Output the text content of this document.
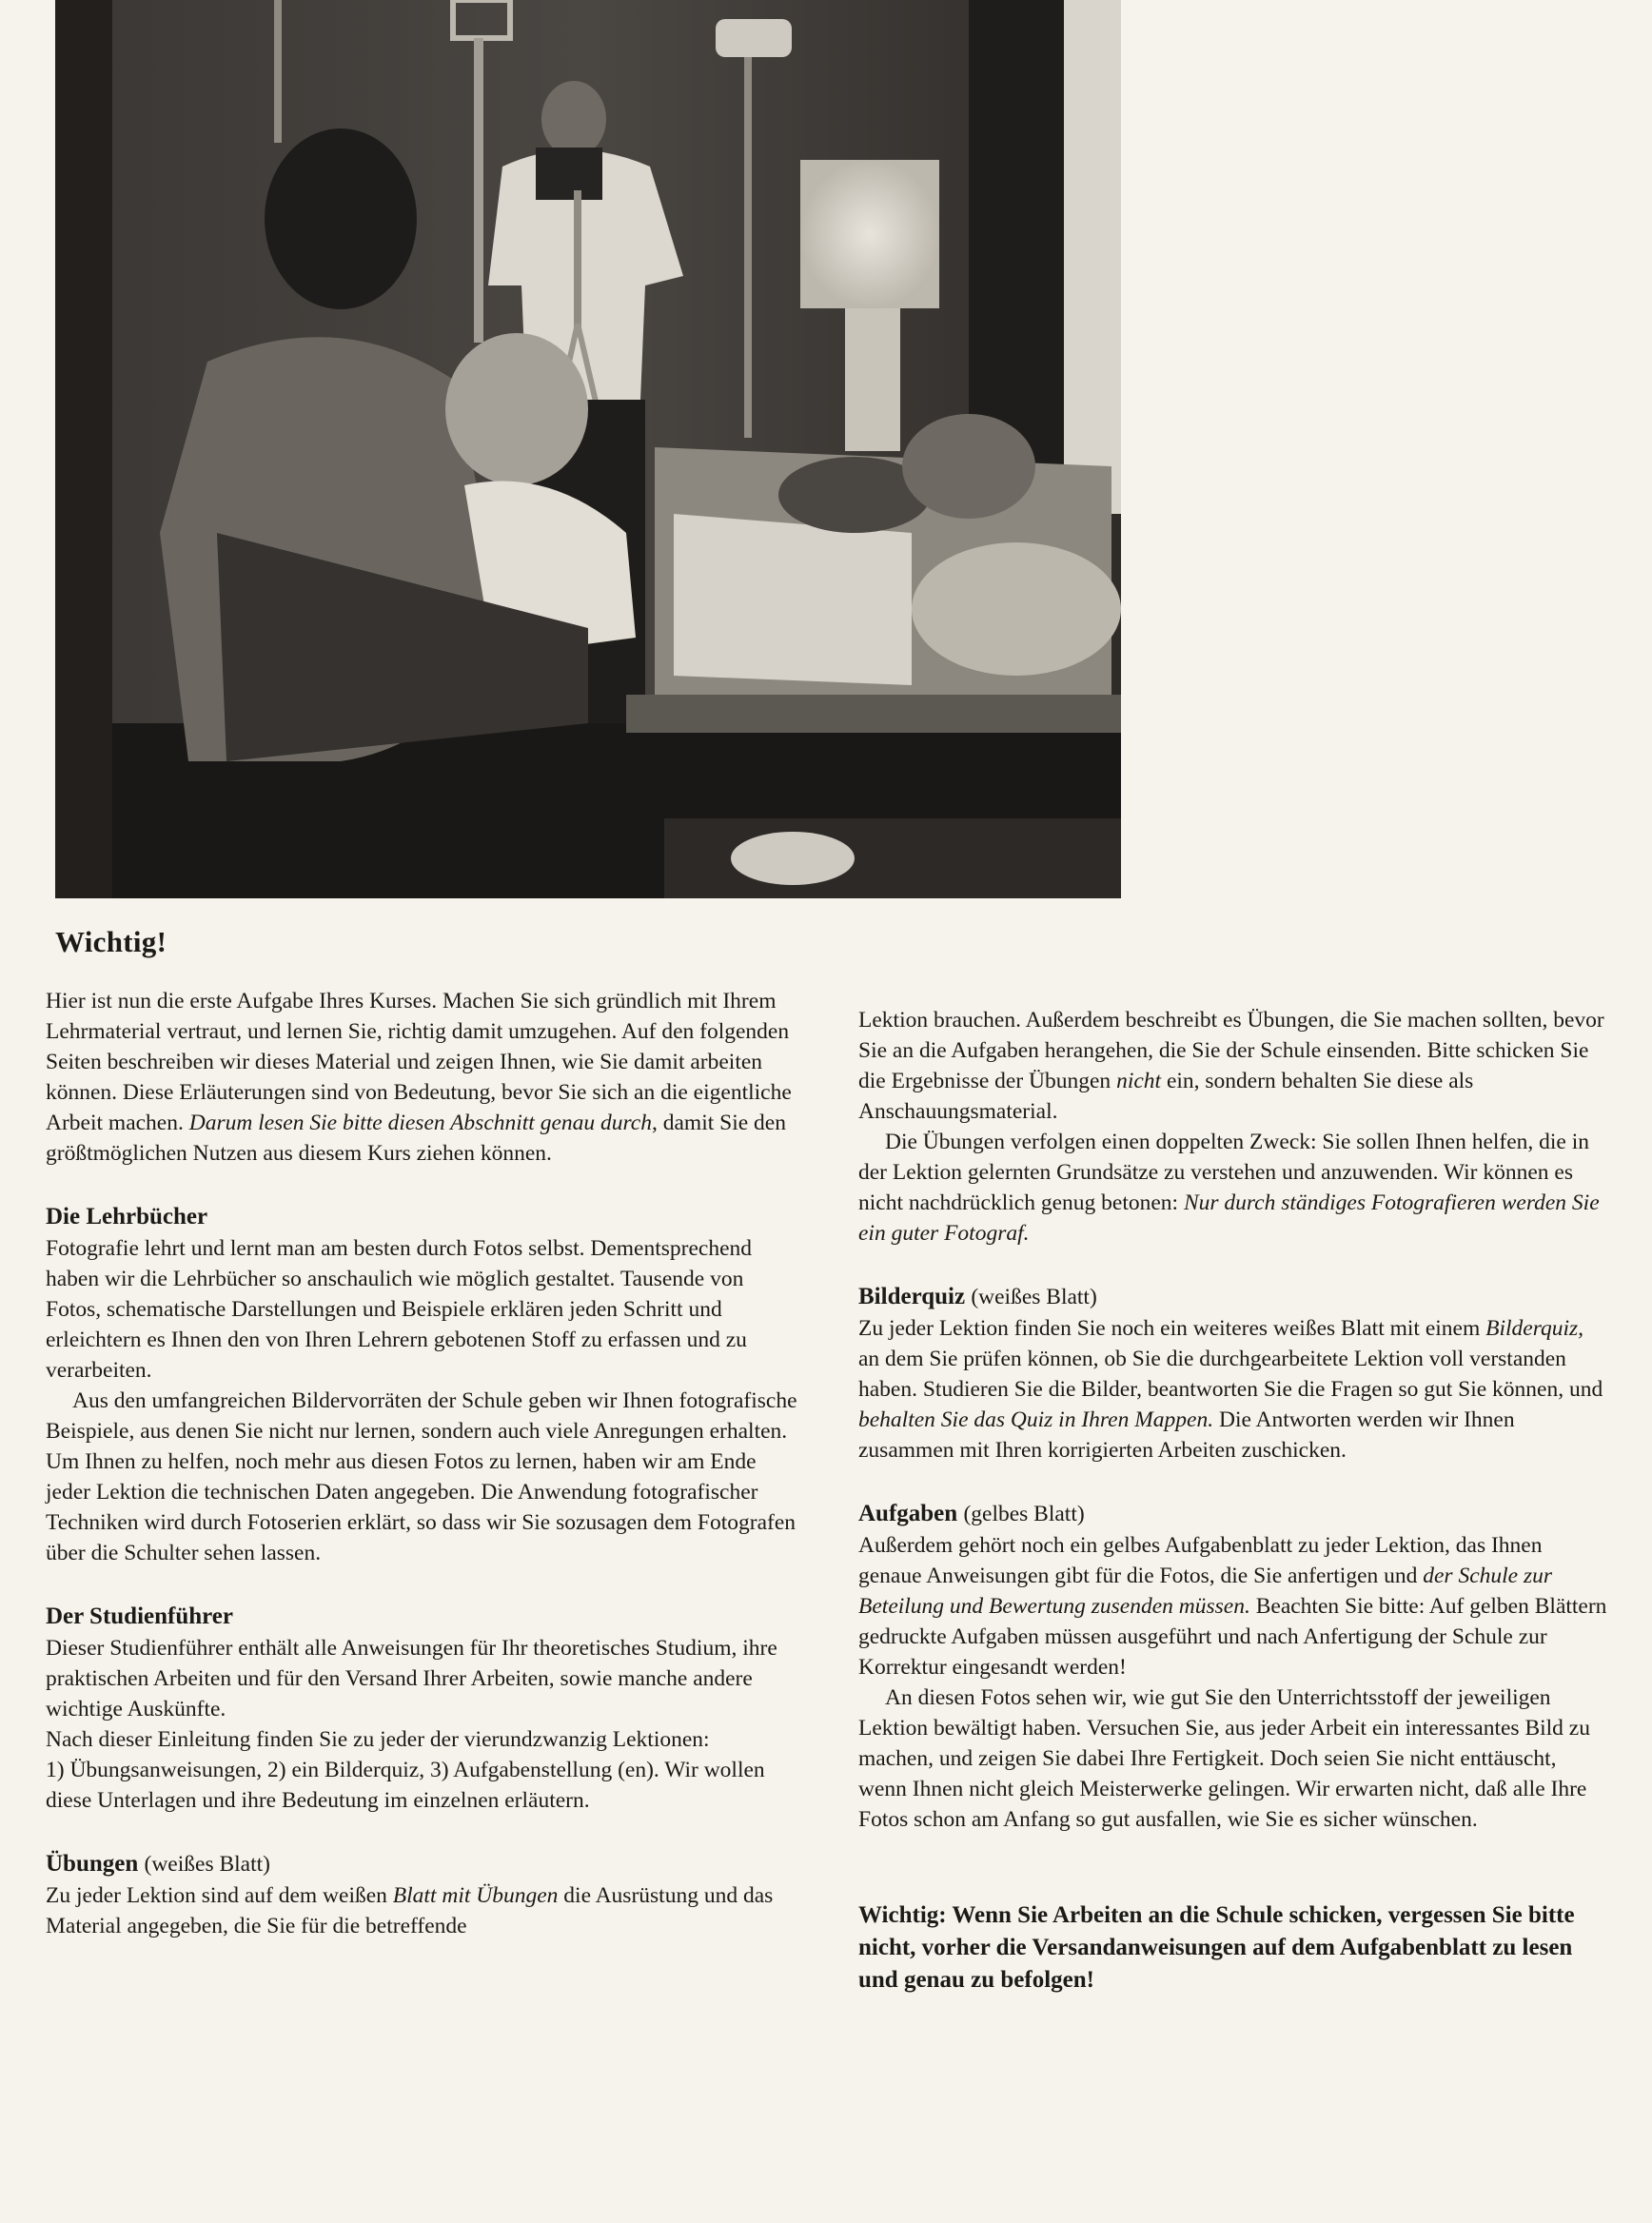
Wichtig!

Hier ist nun die erste Aufgabe Ihres Kurses. Machen Sie sich gründlich mit Ihrem Lehrmaterial vertraut, und lernen Sie, richtig damit umzugehen. Auf den folgenden Seiten beschreiben wir dieses Material und zeigen Ihnen, wie Sie damit arbeiten können. Diese Erläuterungen sind von Bedeutung, bevor Sie sich an die eigentliche Arbeit machen. Darum lesen Sie bitte diesen Abschnitt genau durch, damit Sie den größtmöglichen Nutzen aus diesem Kurs ziehen können.

Die Lehrbücher

Fotografie lehrt und lernt man am besten durch Fotos selbst. Dementsprechend haben wir die Lehrbücher so anschaulich wie möglich gestaltet. Tausende von Fotos, schematische Darstellungen und Beispiele erklären jeden Schritt und erleichtern es Ihnen den von Ihren Lehrern gebotenen Stoff zu erfassen und zu verarbeiten.

Aus den umfangreichen Bildervorräten der Schule geben wir Ihnen fotografische Beispiele, aus denen Sie nicht nur lernen, sondern auch viele Anregungen erhalten. Um Ihnen zu helfen, noch mehr aus diesen Fotos zu lernen, haben wir am Ende jeder Lektion die technischen Daten angegeben. Die Anwendung fotografischer Techniken wird durch Fotoserien erklärt, so dass wir Sie sozusagen dem Fotografen über die Schulter sehen lassen.

Der Studienführer

Dieser Studienführer enthält alle Anweisungen für Ihr theoretisches Studium, ihre praktischen Arbeiten und für den Versand Ihrer Arbeiten, sowie manche andere wichtige Auskünfte.

Nach dieser Einleitung finden Sie zu jeder der vierundzwanzig Lektionen:

1) Übungsanweisungen, 2) ein Bilderquiz, 3) Aufgabenstellung (en). Wir wollen diese Unterlagen und ihre Bedeutung im einzelnen erläutern.

Übungen (weißes Blatt)

Zu jeder Lektion sind auf dem weißen Blatt mit Übungen die Ausrüstung und das Material angegeben, die Sie für die betreffende

Lektion brauchen. Außerdem beschreibt es Übungen, die Sie machen sollten, bevor Sie an die Aufgaben herangehen, die Sie der Schule einsenden. Bitte schicken Sie die Ergebnisse der Übungen nicht ein, sondern behalten Sie diese als Anschauungsmaterial.

Die Übungen verfolgen einen doppelten Zweck: Sie sollen Ihnen helfen, die in der Lektion gelernten Grundsätze zu verstehen und anzuwenden. Wir können es nicht nachdrücklich genug betonen: Nur durch ständiges Fotografieren werden Sie ein guter Fotograf.

Bilderquiz (weißes Blatt)

Zu jeder Lektion finden Sie noch ein weiteres weißes Blatt mit einem Bilderquiz, an dem Sie prüfen können, ob Sie die durchgearbeitete Lektion voll verstanden haben. Studieren Sie die Bilder, beantworten Sie die Fragen so gut Sie können, und behalten Sie das Quiz in Ihren Mappen. Die Antworten werden wir Ihnen zusammen mit Ihren korrigierten Arbeiten zuschicken.

Aufgaben (gelbes Blatt)

Außerdem gehört noch ein gelbes Aufgabenblatt zu jeder Lektion, das Ihnen genaue Anweisungen gibt für die Fotos, die Sie anfertigen und der Schule zur Beteilung und Bewertung zusenden müssen. Beachten Sie bitte: Auf gelben Blättern gedruckte Aufgaben müssen ausgeführt und nach Anfertigung der Schule zur Korrektur eingesandt werden!

An diesen Fotos sehen wir, wie gut Sie den Unterrichtsstoff der jeweiligen Lektion bewältigt haben. Versuchen Sie, aus jeder Arbeit ein interessantes Bild zu machen, und zeigen Sie dabei Ihre Fertigkeit. Doch seien Sie nicht enttäuscht, wenn Ihnen nicht gleich Meisterwerke gelingen. Wir erwarten nicht, daß alle Ihre Fotos schon am Anfang so gut ausfallen, wie Sie es sicher wünschen.

Wichtig: Wenn Sie Arbeiten an die Schule schicken, vergessen Sie bitte nicht, vorher die Versandanweisungen auf dem Aufgabenblatt zu lesen und genau zu befolgen!
